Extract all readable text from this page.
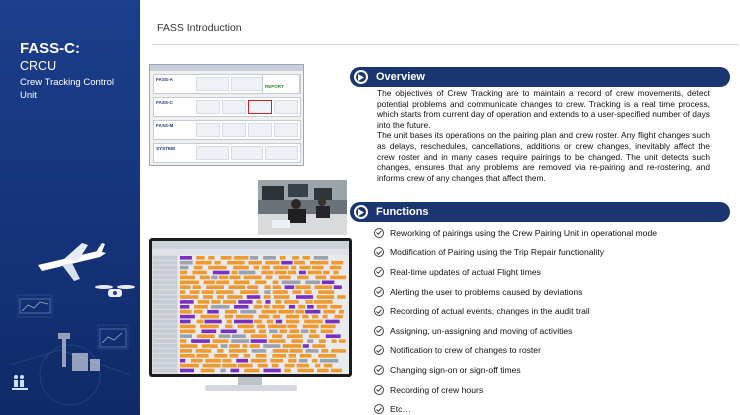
FASS-C:
CRCU
Crew Tracking Control Unit
FASS Introduction
FASS-A
FASS-C
FASS-M
SYSTEM
REPORT
Overview

The objectives of Crew Tracking are to maintain a record of crew movements, detect potential problems and communicate changes to crew. Tracking is a real time process, which starts from current day of operation and extends to a user-specified number of days into the future.

The unit bases its operations on the pairing plan and crew roster. Any flight changes such as delays, reschedules, cancellations, additions or crew changes, inevitably affect the crew roster and in many cases require pairings to be changed. The unit detects such changes, ensures that any problems are removed via re-pairing and re-rostering, and informs crew of any changes that affect them.

Functions
Reworking of pairings using the Crew Pairing Unit in operational mode
Modification of Pairing using the Trip Repair functionality
Real-time updates of actual Flight times
Alerting the user to problems caused by deviations
Recording of actual events, changes in the audit trail
Assigning, un-assigning and moving of activities
Notification to crew of changes to roster
Changing sign-on or sign-off times
Recording of crew hours
Etc…
